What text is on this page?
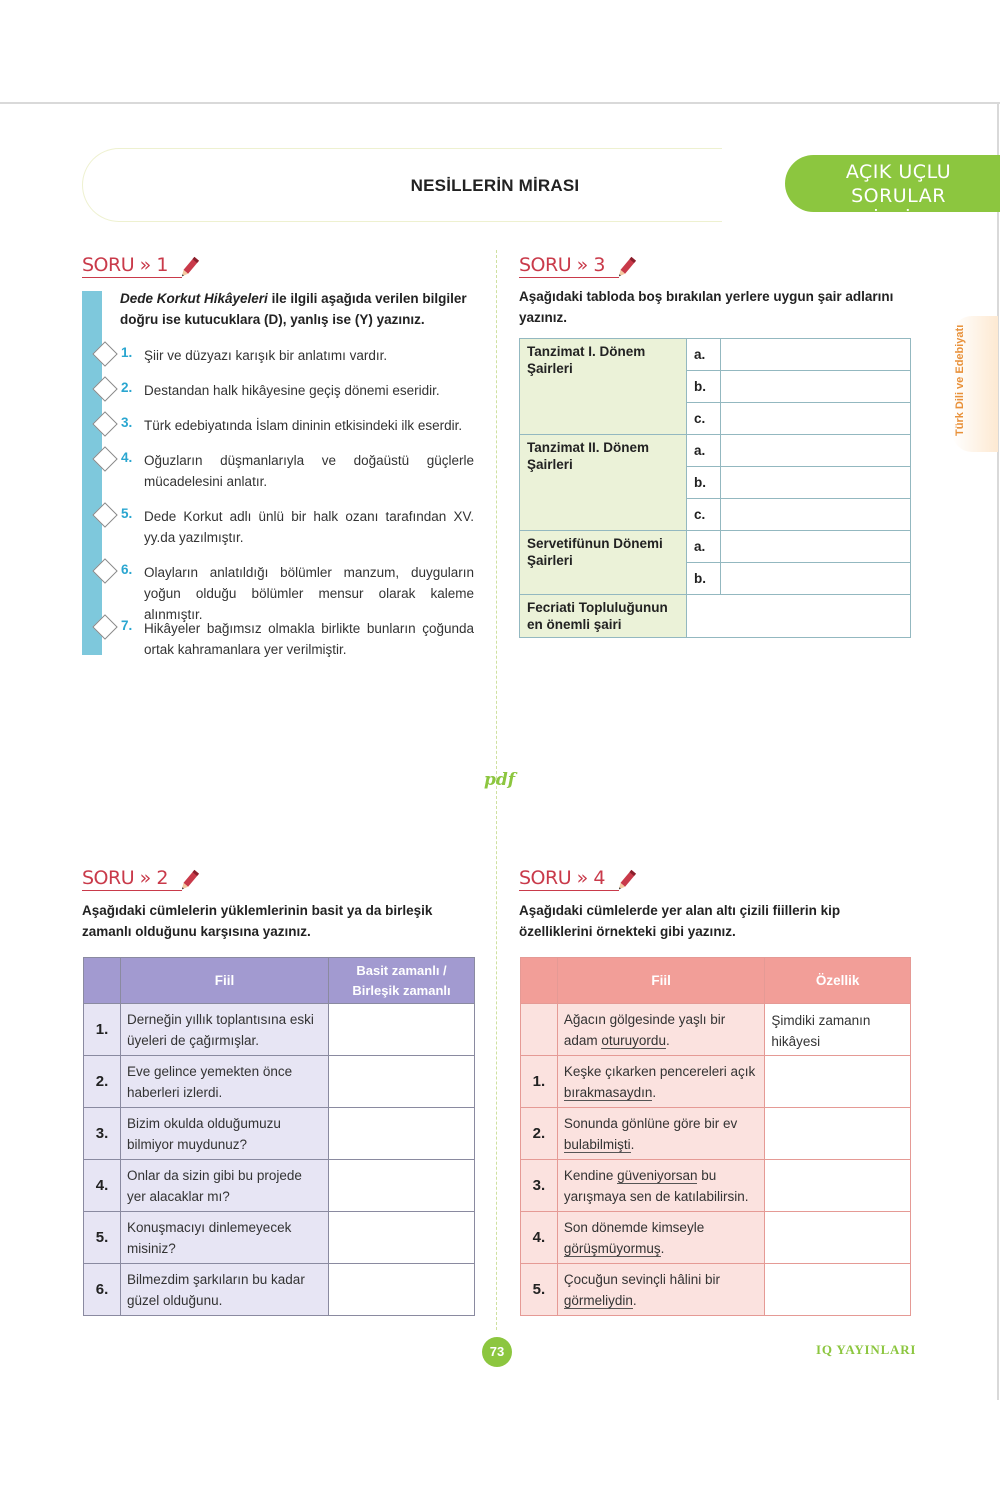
NESİLLERİN MİRASI
AÇIK UÇLU SORULAR
ETKİNLİKLER
Türk Dili ve Edebiyatı
pdf
SORU » 1
Dede Korkut Hikâyeleri ile ilgili aşağıda verilen bilgiler doğru ise kutucuklara (D), yanlış ise (Y) yazınız.
1. Şiir ve düzyazı karışık bir anlatımı vardır.
2. Destandan halk hikâyesine geçiş dönemi eseridir.
3. Türk edebiyatında İslam dininin etkisindeki ilk eserdir.
4. Oğuzların düşmanlarıyla ve doğaüstü güçlerle mücadelesini anlatır.
5. Dede Korkut adlı ünlü bir halk ozanı tarafından XV. yy.da yazılmıştır.
6. Olayların anlatıldığı bölümler manzum, duyguların yoğun olduğu bölümler mensur olarak kaleme alınmıştır.
7. Hikâyeler bağımsız olmakla birlikte bunların çoğunda ortak kahramanlara yer verilmiştir.
SORU » 3
Aşağıdaki tabloda boş bırakılan yerlere uygun şair adlarını yazınız.
Tanzimat I. Dönem Şairleri	a.	
	b.	
	c.	
Tanzimat II. Dönem Şairleri	a.	
	b.	
	c.	
Servetifünun Dönemi Şairleri	a.	
	b.	
Fecriati Topluluğunun en önemli şairi		
SORU » 2
Aşağıdaki cümlelerin yüklemlerinin basit ya da birleşik zamanlı olduğunu karşısına yazınız.
	Fiil	Basit zamanlı / Birleşik zamanlı
1.	Derneğin yıllık toplantısına eski üyeleri de çağırmışlar.	
2.	Eve gelince yemekten önce haberleri izlerdi.	
3.	Bizim okulda olduğumuzu bilmiyor muydunuz?	
4.	Onlar da sizin gibi bu projede yer alacaklar mı?	
5.	Konuşmacıyı dinlemeyecek misiniz?	
6.	Bilmezdim şarkıların bu kadar güzel olduğunu.	
SORU » 4
Aşağıdaki cümlelerde yer alan altı çizili fiillerin kip özelliklerini örnekteki gibi yazınız.
	Fiil	Özellik
	Ağacın gölgesinde yaşlı bir adam oturuyordu.	Şimdiki zamanın hikâyesi
1.	Keşke çıkarken pencereleri açık bırakmasaydın.	
2.	Sonunda gönlüne göre bir ev bulabilmişti.	
3.	Kendine güveniyorsan bu yarışmaya sen de katılabilirsin.	
4.	Son dönemde kimseyle görüşmüyormuş.	
5.	Çocuğun sevinçli hâlini bir görmeliydin.	
73	IQ YAYINLARI
